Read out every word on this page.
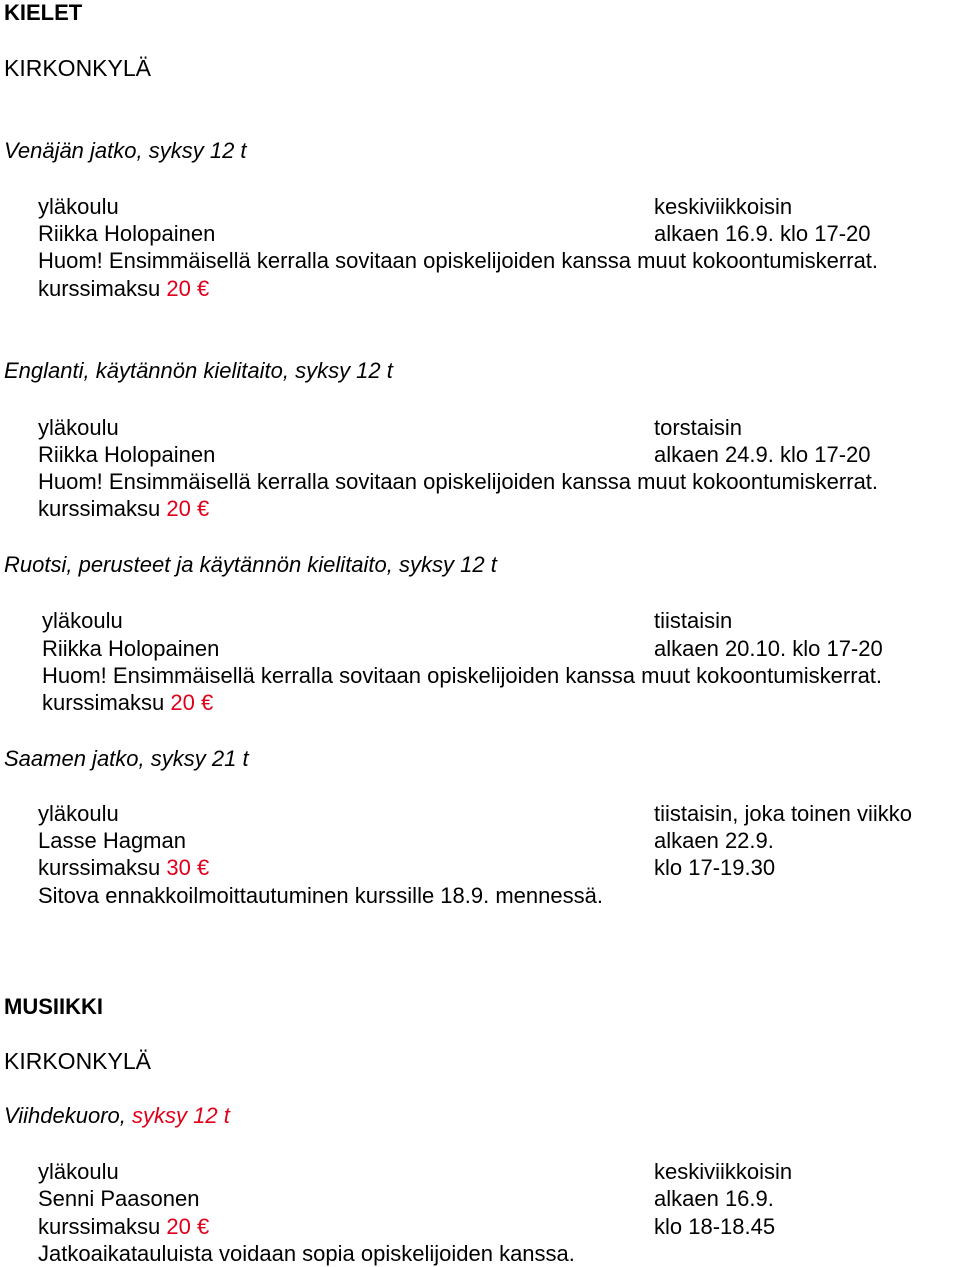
KIELET
KIRKONKYLÄ
Venäjän jatko, syksy 12 t
yläkoulu	keskiviikkoisin
Riikka Holopainen	alkaen 16.9. klo 17-20
Huom! Ensimmäisellä kerralla sovitaan opiskelijoiden kanssa muut kokoontumiskerrat.
kurssimaksu 20 €
Englanti, käytännön kielitaito, syksy 12 t
yläkoulu	torstaisin
Riikka Holopainen	alkaen 24.9. klo 17-20
Huom! Ensimmäisellä kerralla sovitaan opiskelijoiden kanssa muut kokoontumiskerrat.
kurssimaksu 20 €
Ruotsi, perusteet ja käytännön kielitaito, syksy 12 t
yläkoulu	tiistaisin
Riikka Holopainen	alkaen 20.10. klo 17-20
Huom! Ensimmäisellä kerralla sovitaan opiskelijoiden kanssa muut kokoontumiskerrat.
kurssimaksu 20 €
Saamen jatko, syksy 21 t
yläkoulu	tiistaisin, joka toinen viikko
Lasse Hagman	alkaen 22.9.
kurssimaksu 30 €	klo 17-19.30
Sitova ennakkoilmoittautuminen kurssille 18.9. mennessä.
MUSIIKKI
KIRKONKYLÄ
Viihdekuoro, syksy 12 t
yläkoulu	keskiviikkoisin
Senni Paasonen	alkaen 16.9.
kurssimaksu 20 €	klo 18-18.45
Jatkoaikatauluista voidaan sopia opiskelijoiden kanssa.
